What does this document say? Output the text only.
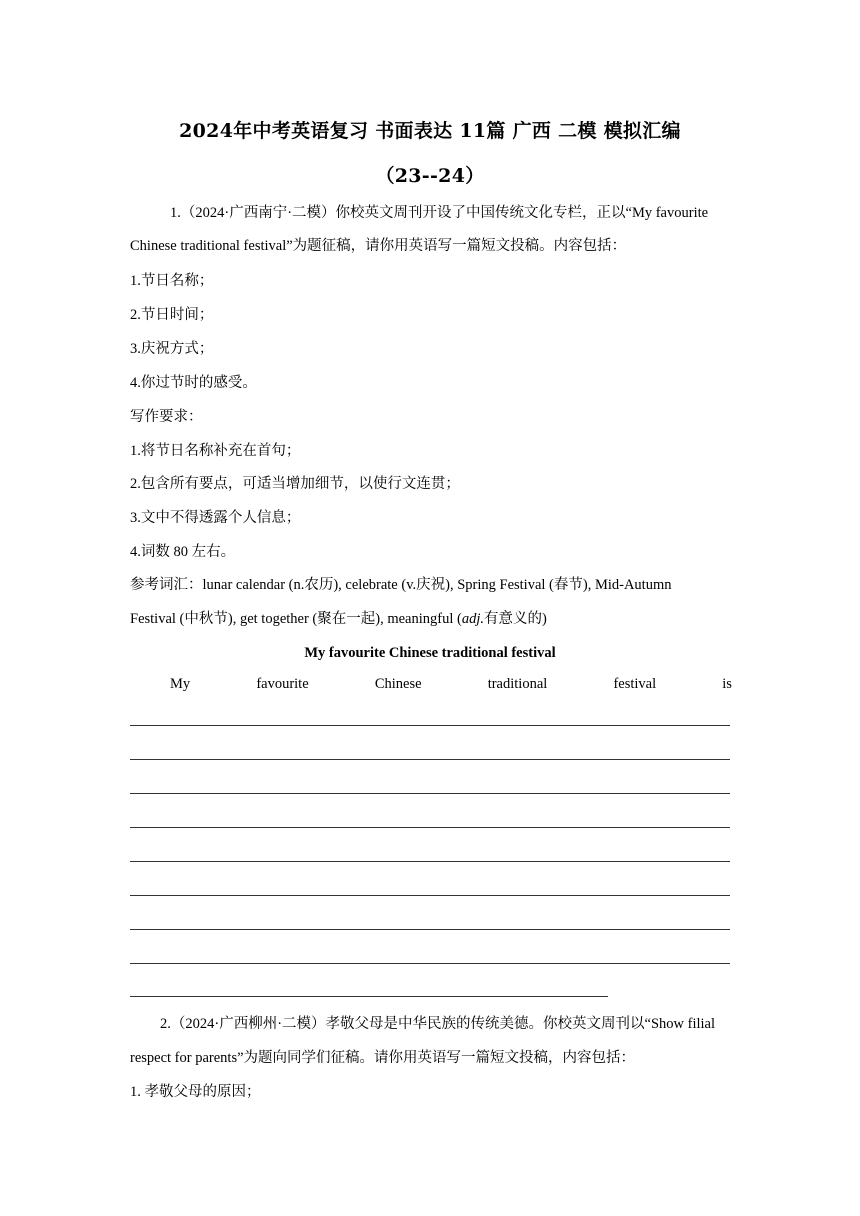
2024年中考英语复习 书面表达 11篇 广西 二模 模拟汇编
（23--24）
1.（2024·广西南宁·二模）你校英文周刊开设了中国传统文化专栏，正以“My favourite
Chinese traditional festival”为题征稿，请你用英语写一篇短文投稿。内容包括：
1.节日名称；
2.节日时间；
3.庆祝方式；
4.你过节时的感受。
写作要求：
1.将节日名称补充在首句；
2.包含所有要点，可适当增加细节，以使行文连贯；
3.文中不得透露个人信息；
4.词数 80 左右。
参考词汇：lunar calendar (n.农历), celebrate (v.庆祝), Spring Festival (春节), Mid-Autumn
Festival (中秋节), get together (聚在一起), meaningful (adj.有意义的)
My favourite Chinese traditional festival
My	favourite	Chinese	traditional	festival	is
2.（2024·广西柳州·二模）孝敬父母是中华民族的传统美德。你校英文周刊以“Show filial
respect for parents”为题向同学们征稿。请你用英语写一篇短文投稿，内容包括：
1. 孝敬父母的原因；
